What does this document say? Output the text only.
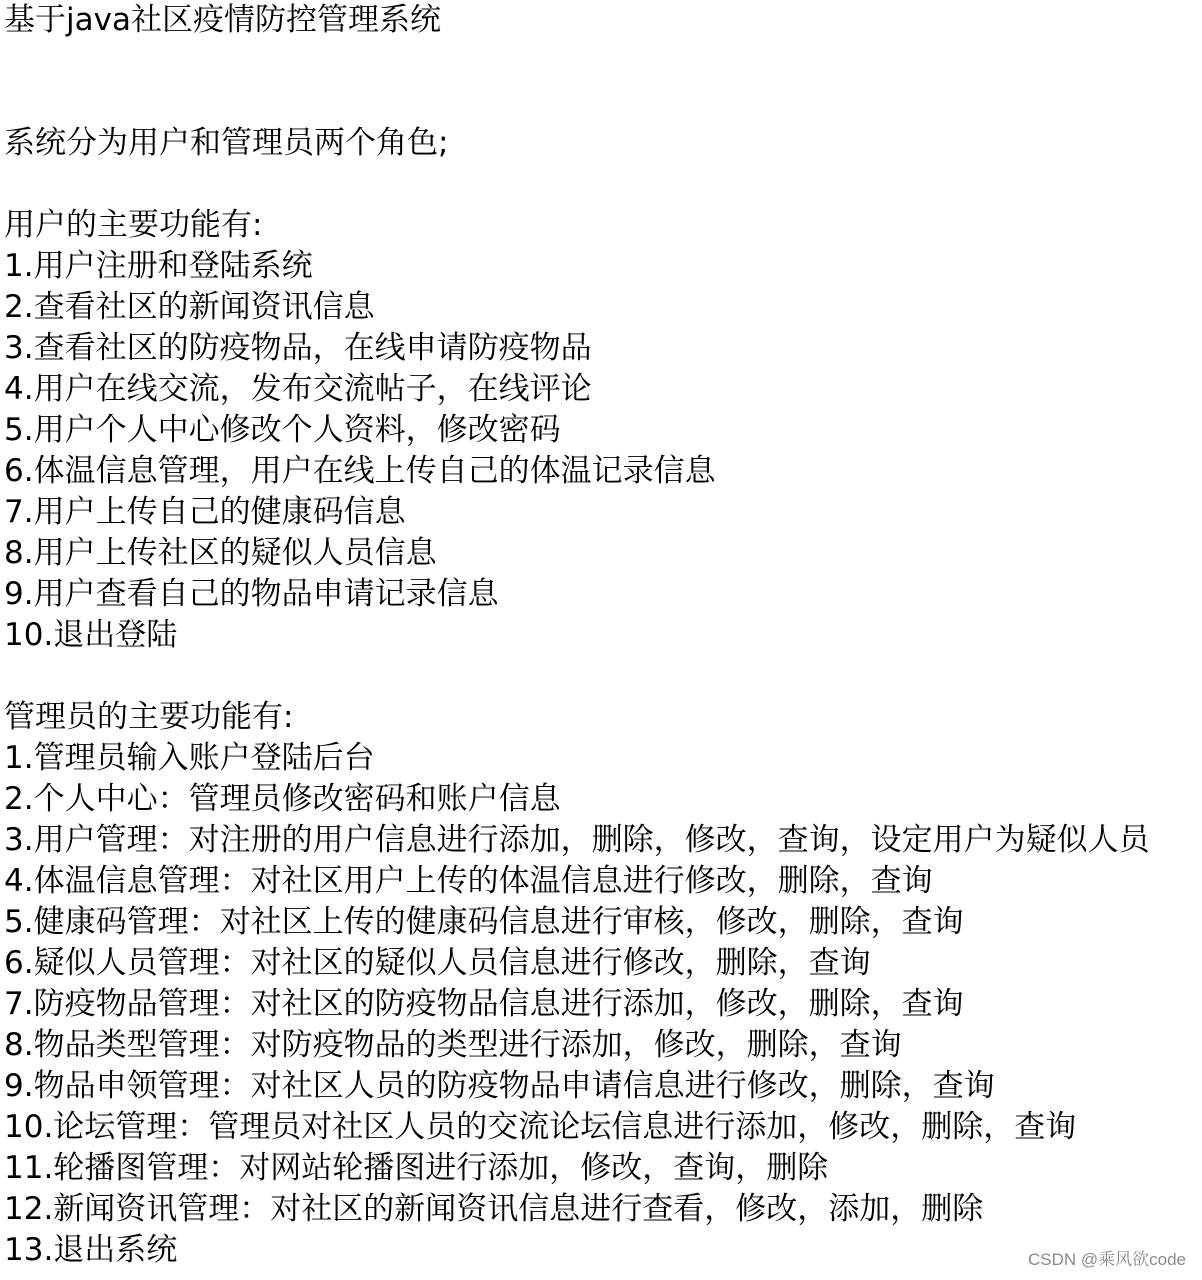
基于java社区疫情防控管理系统
系统分为用户和管理员两个角色;
用户的主要功能有:
1.用户注册和登陆系统
2.查看社区的新闻资讯信息
3.查看社区的防疫物品，在线申请防疫物品
4.用户在线交流，发布交流帖子，在线评论
5.用户个人中心修改个人资料，修改密码
6.体温信息管理，用户在线上传自己的体温记录信息
7.用户上传自己的健康码信息
8.用户上传社区的疑似人员信息
9.用户查看自己的物品申请记录信息
10.退出登陆
管理员的主要功能有:
1.管理员输入账户登陆后台
2.个人中心：管理员修改密码和账户信息
3.用户管理：对注册的用户信息进行添加，删除，修改，查询，设定用户为疑似人员
4.体温信息管理：对社区用户上传的体温信息进行修改，删除，查询
5.健康码管理：对社区上传的健康码信息进行审核，修改，删除，查询
6.疑似人员管理：对社区的疑似人员信息进行修改，删除，查询
7.防疫物品管理：对社区的防疫物品信息进行添加，修改，删除，查询
8.物品类型管理：对防疫物品的类型进行添加，修改，删除，查询
9.物品申领管理：对社区人员的防疫物品申请信息进行修改，删除，查询
10.论坛管理：管理员对社区人员的交流论坛信息进行添加，修改，删除，查询
11.轮播图管理：对网站轮播图进行添加，修改，查询，删除
12.新闻资讯管理：对社区的新闻资讯信息进行查看，修改，添加，删除
13.退出系统	CSDN @乘风欲code
